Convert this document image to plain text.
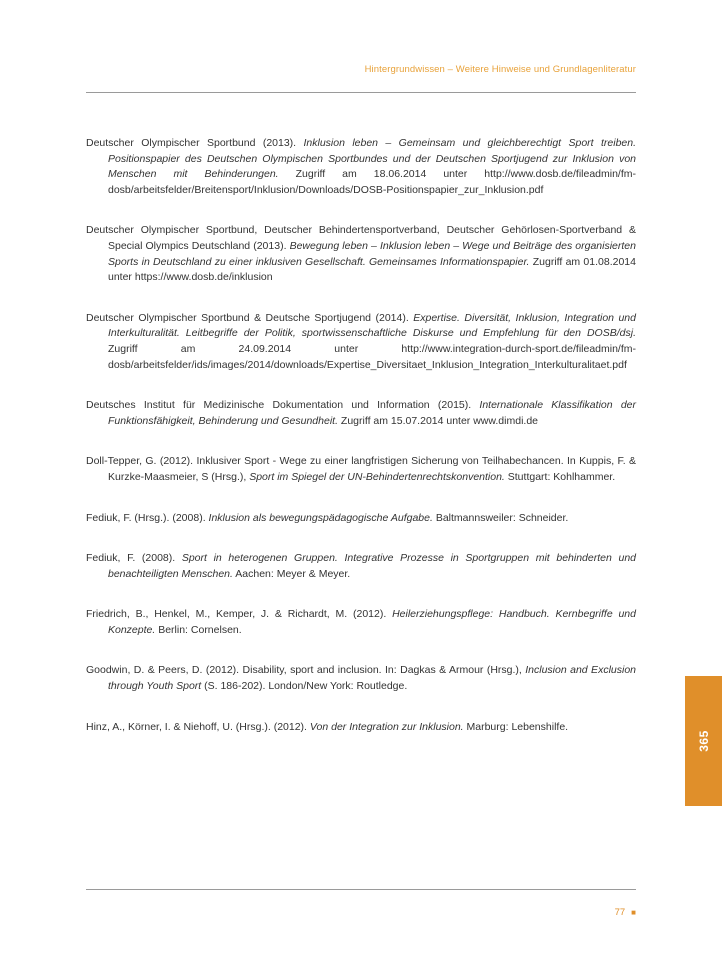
Hintergrundwissen – Weitere Hinweise und Grundlagenliteratur

Deutscher Olympischer Sportbund (2013). Inklusion leben – Gemeinsam und gleichberechtigt Sport treiben. Positionspapier des Deutschen Olympischen Sportbundes und der Deutschen Sportjugend zur Inklusion von Menschen mit Behinderungen. Zugriff am 18.06.2014 unter http://www.dosb.de/fileadmin/fm-dosb/arbeitsfelder/Breitensport/Inklusion/Downloads/DOSB-Positionspapier_zur_Inklusion.pdf

Deutscher Olympischer Sportbund, Deutscher Behindertensportverband, Deutscher Gehörlosen-Sportverband & Special Olympics Deutschland (2013). Bewegung leben – Inklusion leben – Wege und Beiträge des organisierten Sports in Deutschland zu einer inklusiven Gesellschaft. Gemeinsames Informationspapier. Zugriff am 01.08.2014 unter https://www.dosb.de/inklusion

Deutscher Olympischer Sportbund & Deutsche Sportjugend (2014). Expertise. Diversität, Inklusion, Integration und Interkulturalität. Leitbegriffe der Politik, sportwissenschaftliche Diskurse und Empfehlung für den DOSB/dsj. Zugriff am 24.09.2014 unter http://www.integration-durch-sport.de/fileadmin/fm-dosb/arbeitsfelder/ids/images/2014/downloads/Expertise_Diversitaet_Inklusion_Integration_Interkulturalitaet.pdf

Deutsches Institut für Medizinische Dokumentation und Information (2015). Internationale Klassifikation der Funktionsfähigkeit, Behinderung und Gesundheit. Zugriff am 15.07.2014 unter www.dimdi.de

Doll-Tepper, G. (2012). Inklusiver Sport - Wege zu einer langfristigen Sicherung von Teilhabechancen. In Kuppis, F. & Kurzke-Maasmeier, S (Hrsg.), Sport im Spiegel der UN-Behindertenrechtskonvention. Stuttgart: Kohlhammer.

Fediuk, F. (Hrsg.). (2008). Inklusion als bewegungspädagogische Aufgabe. Baltmannsweiler: Schneider.

Fediuk, F. (2008). Sport in heterogenen Gruppen. Integrative Prozesse in Sportgruppen mit behinderten und benachteiligten Menschen. Aachen: Meyer & Meyer.

Friedrich, B., Henkel, M., Kemper, J. & Richardt, M. (2012). Heilerziehungspflege: Handbuch. Kernbegriffe und Konzepte. Berlin: Cornelsen.

Goodwin, D. & Peers, D. (2012). Disability, sport and inclusion. In: Dagkas & Armour (Hrsg.), Inclusion and Exclusion through Youth Sport (S. 186-202). London/New York: Routledge.

Hinz, A., Körner, I. & Niehoff, U. (Hrsg.). (2012). Von der Integration zur Inklusion. Marburg: Lebenshilfe.

365
77 ■
